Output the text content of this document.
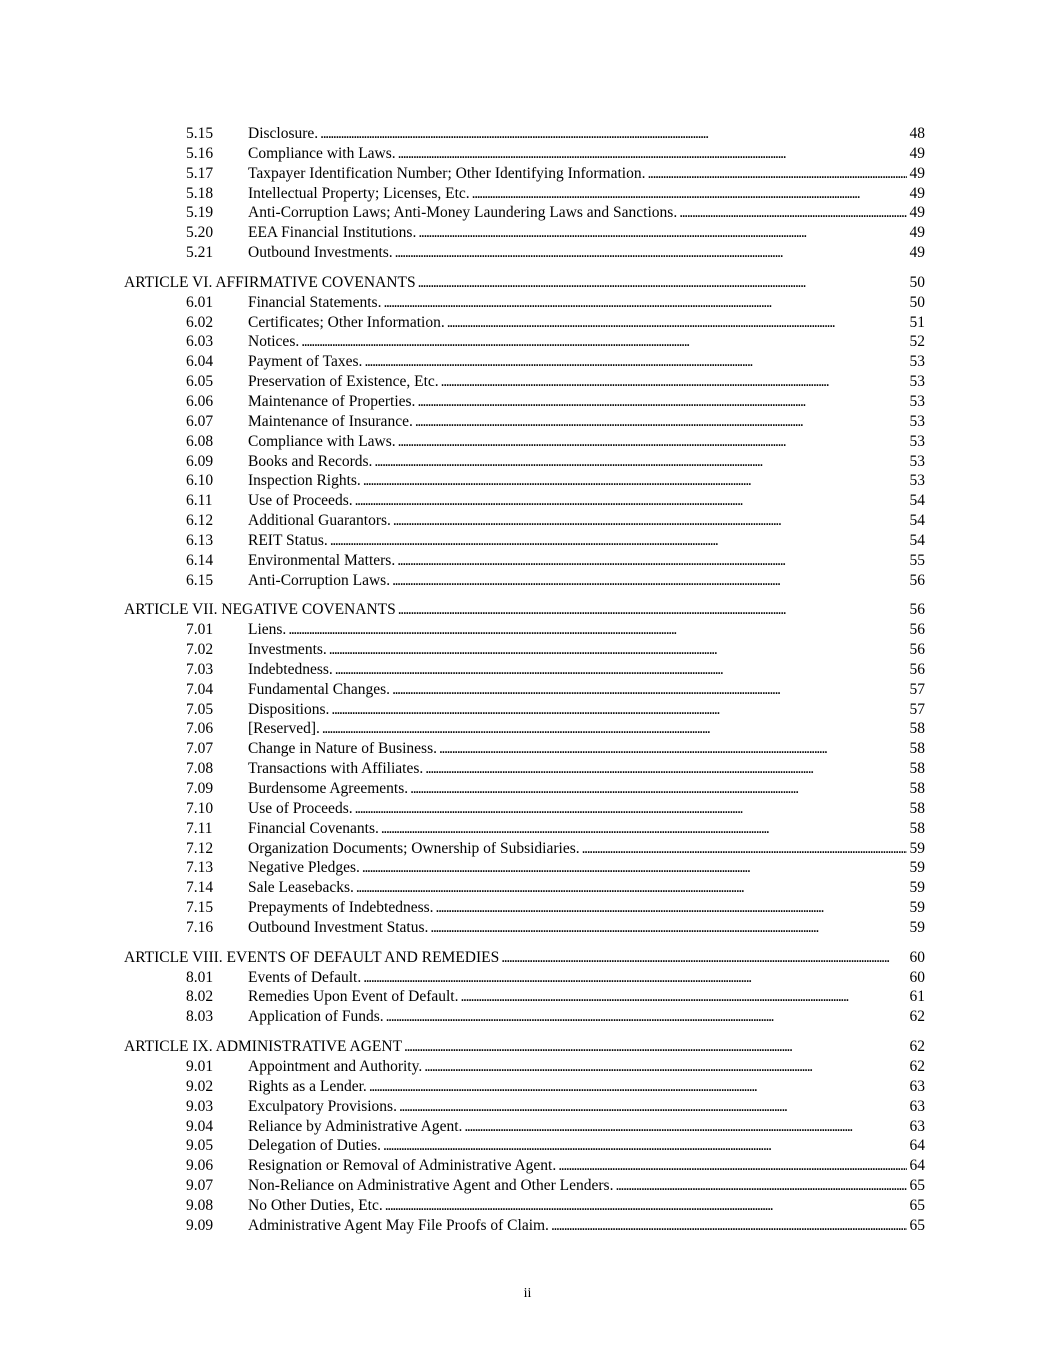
5.15 Disclosure. . . .	48
5.16 Compliance with Laws. . . .	49
5.17 Taxpayer Identification Number; Other Identifying Information. . . .	49
5.18 Intellectual Property; Licenses, Etc. . . .	49
5.19 Anti-Corruption Laws; Anti-Money Laundering Laws and Sanctions. . . .	49
5.20 EEA Financial Institutions. . . .	49
5.21 Outbound Investments. . . .	49
ARTICLE VI. AFFIRMATIVE COVENANTS . . .	50
6.01 Financial Statements. . . .	50
6.02 Certificates; Other Information. . . .	51
6.03 Notices. . . .	52
6.04 Payment of Taxes. . . .	53
6.05 Preservation of Existence, Etc. . . .	53
6.06 Maintenance of Properties. . . .	53
6.07 Maintenance of Insurance. . . .	53
6.08 Compliance with Laws. . . .	53
6.09 Books and Records. . . .	53
6.10 Inspection Rights. . . .	53
6.11 Use of Proceeds. . . .	54
6.12 Additional Guarantors. . . .	54
6.13 REIT Status. . . .	54
6.14 Environmental Matters. . . .	55
6.15 Anti-Corruption Laws. . . .	56
ARTICLE VII. NEGATIVE COVENANTS . . .	56
7.01 Liens. . . .	56
7.02 Investments. . . .	56
7.03 Indebtedness. . . .	56
7.04 Fundamental Changes. . . .	57
7.05 Dispositions. . . .	57
7.06 [Reserved]. . . .	58
7.07 Change in Nature of Business. . . .	58
7.08 Transactions with Affiliates. . . .	58
7.09 Burdensome Agreements. . . .	58
7.10 Use of Proceeds. . . .	58
7.11 Financial Covenants. . . .	58
7.12 Organization Documents; Ownership of Subsidiaries. . . .	59
7.13 Negative Pledges. . . .	59
7.14 Sale Leasebacks. . . .	59
7.15 Prepayments of Indebtedness. . . .	59
7.16 Outbound Investment Status. . . .	59
ARTICLE VIII. EVENTS OF DEFAULT AND REMEDIES . . .	60
8.01 Events of Default. . . .	60
8.02 Remedies Upon Event of Default. . . .	61
8.03 Application of Funds. . . .	62
ARTICLE IX. ADMINISTRATIVE AGENT . . .	62
9.01 Appointment and Authority. . . .	62
9.02 Rights as a Lender. . . .	63
9.03 Exculpatory Provisions. . . .	63
9.04 Reliance by Administrative Agent. . . .	63
9.05 Delegation of Duties. . . .	64
9.06 Resignation or Removal of Administrative Agent. . . .	64
9.07 Non-Reliance on Administrative Agent and Other Lenders. . . .	65
9.08 No Other Duties, Etc. . . .	65
9.09 Administrative Agent May File Proofs of Claim. . . .	65
ii
